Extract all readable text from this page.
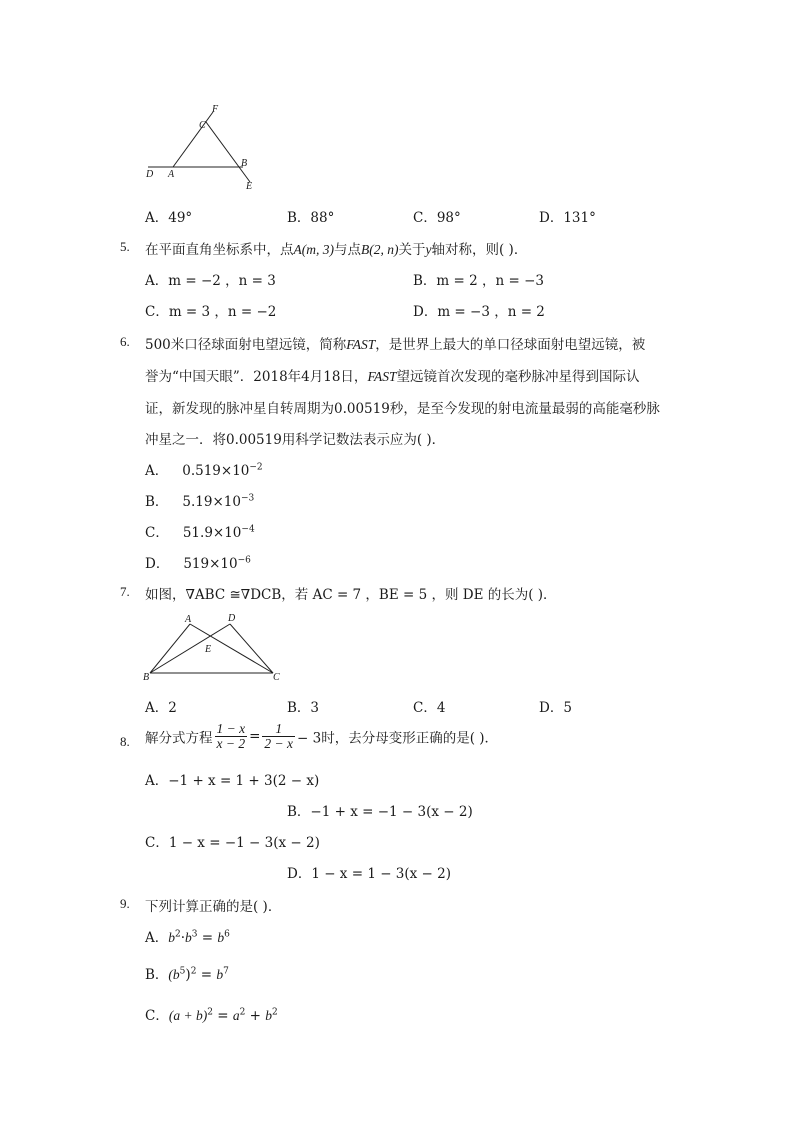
F
C
B
D A
E
A．49°	B．88°	C．98°	D．131°
5. 在平面直角坐标系中，点A(m, 3)与点B(2, n)关于y轴对称，则( )．
A．m = −2 ，n = 3	B．m = 2 ，n = −3
C．m = 3 ，n = −2	D．m = −3 ，n = 2
6. 500米口径球面射电望远镜，简称FAST，是世界上最大的单口径球面射电望远镜，被
誉为“中国天眼”．2018年4月18日，FAST望远镜首次发现的毫秒脉冲星得到国际认
证，新发现的脉冲星自转周期为0.00519秒，是至今发现的射电流量最弱的高能毫秒脉
冲星之一．将0.00519用科学记数法表示应为( )．
A． $0.519\times 10^{-2}$
B． $5.19\times 10^{-3}$
C． $51.9\times 10^{-4}$
D． $519\times 10^{-6}$
7. 如图，∇ABC ≅∇DCB，若 AC = 7 ，BE = 5 ，则 DE 的长为( )．
A	D
E
B	C
A．2	B．3	C．4	D．5
8. 解分式方程 $\frac{1 - x}{x - 2} = \frac{1}{2 - x} - 3$时，去分母变形正确的是( )．
A．−1 + x = 1 + 3(2 − x)
B．−1 + x = −1 − 3(x − 2)
C．1 − x = −1 − 3(x − 2)
D．1 − x = 1 − 3(x − 2)
9. 下列计算正确的是( )．
A．$b^2\cdot b^3 = b^6$
B．$(b^5)^2 = b^7$
C．$(a + b)^2 = a^2 + b^2$
